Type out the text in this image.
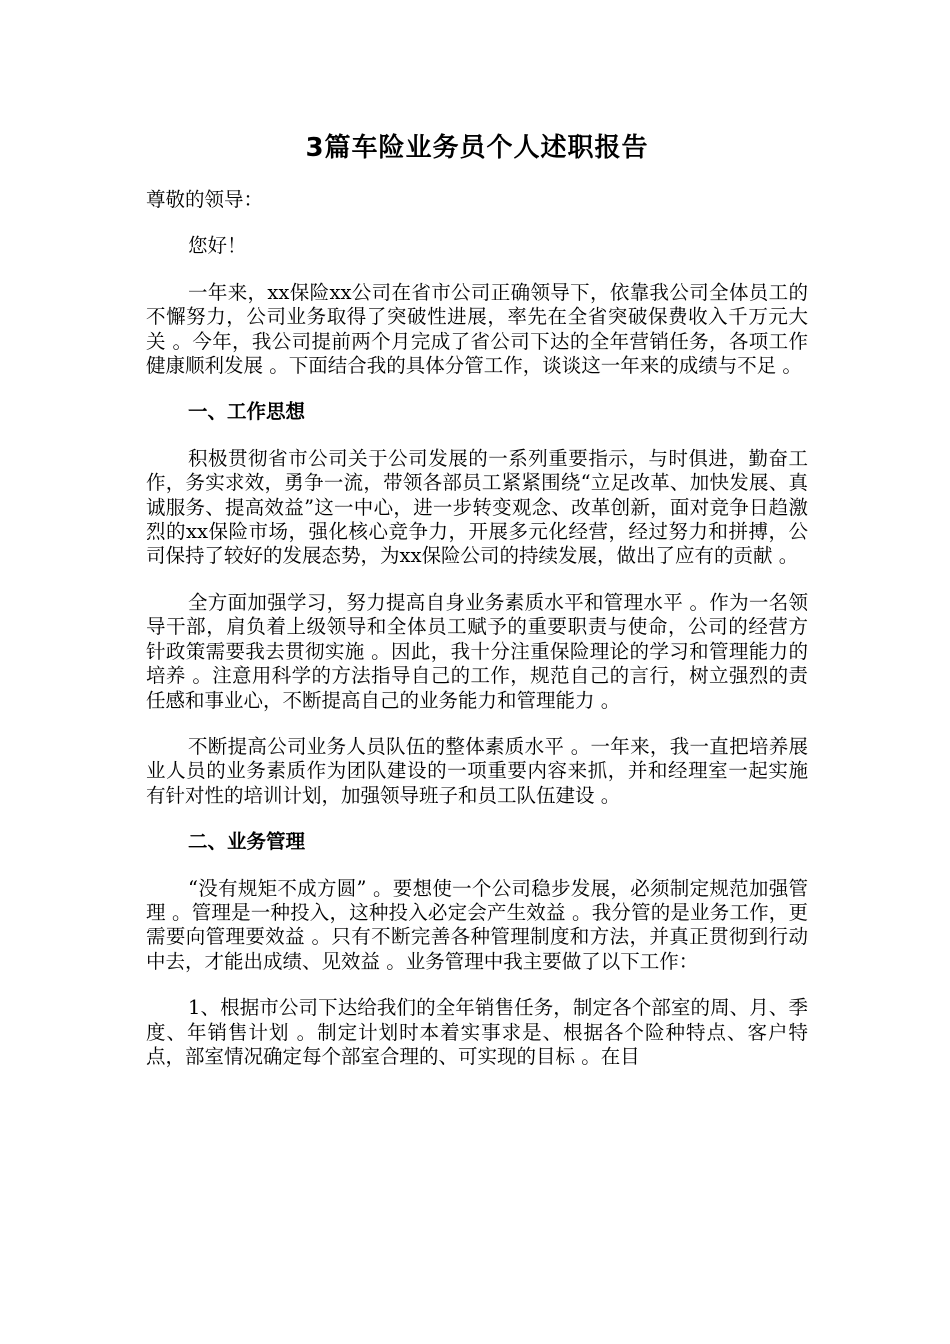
3篇车险业务员个人述职报告
尊敬的领导：
您好！
一年来，xx保险xx公司在省市公司正确领导下，依靠我公司全体员工的不懈努力，公司业务取得了突破性进展，率先在全省突破保费收入千万元大关 。今年，我公司提前两个月完成了省公司下达的全年营销任务，各项工作健康顺利发展 。下面结合我的具体分管工作，谈谈这一年来的成绩与不足 。
一、工作思想
积极贯彻省市公司关于公司发展的一系列重要指示，与时俱进，勤奋工作，务实求效，勇争一流，带领各部员工紧紧围绕“立足改革、加快发展、真诚服务、提高效益”这一中心，进一步转变观念、改革创新，面对竞争日趋激烈的xx保险市场，强化核心竞争力，开展多元化经营，经过努力和拼搏，公司保持了较好的发展态势，为xx保险公司的持续发展，做出了应有的贡献 。
全方面加强学习，努力提高自身业务素质水平和管理水平 。作为一名领导干部，肩负着上级领导和全体员工赋予的重要职责与使命，公司的经营方针政策需要我去贯彻实施 。因此，我十分注重保险理论的学习和管理能力的培养 。注意用科学的方法指导自己的工作，规范自己的言行，树立强烈的责任感和事业心，不断提高自己的业务能力和管理能力 。
不断提高公司业务人员队伍的整体素质水平 。一年来，我一直把培养展业人员的业务素质作为团队建设的一项重要内容来抓，并和经理室一起实施有针对性的培训计划，加强领导班子和员工队伍建设 。
二、业务管理
“没有规矩不成方圆” 。要想使一个公司稳步发展，必须制定规范加强管理 。管理是一种投入，这种投入必定会产生效益 。我分管的是业务工作，更需要向管理要效益 。只有不断完善各种管理制度和方法，并真正贯彻到行动中去，才能出成绩、见效益 。业务管理中我主要做了以下工作：
1、根据市公司下达给我们的全年销售任务，制定各个部室的周、月、季度、年销售计划 。制定计划时本着实事求是、根据各个险种特点、客户特点，部室情况确定每个部室合理的、可实现的目标 。在目
